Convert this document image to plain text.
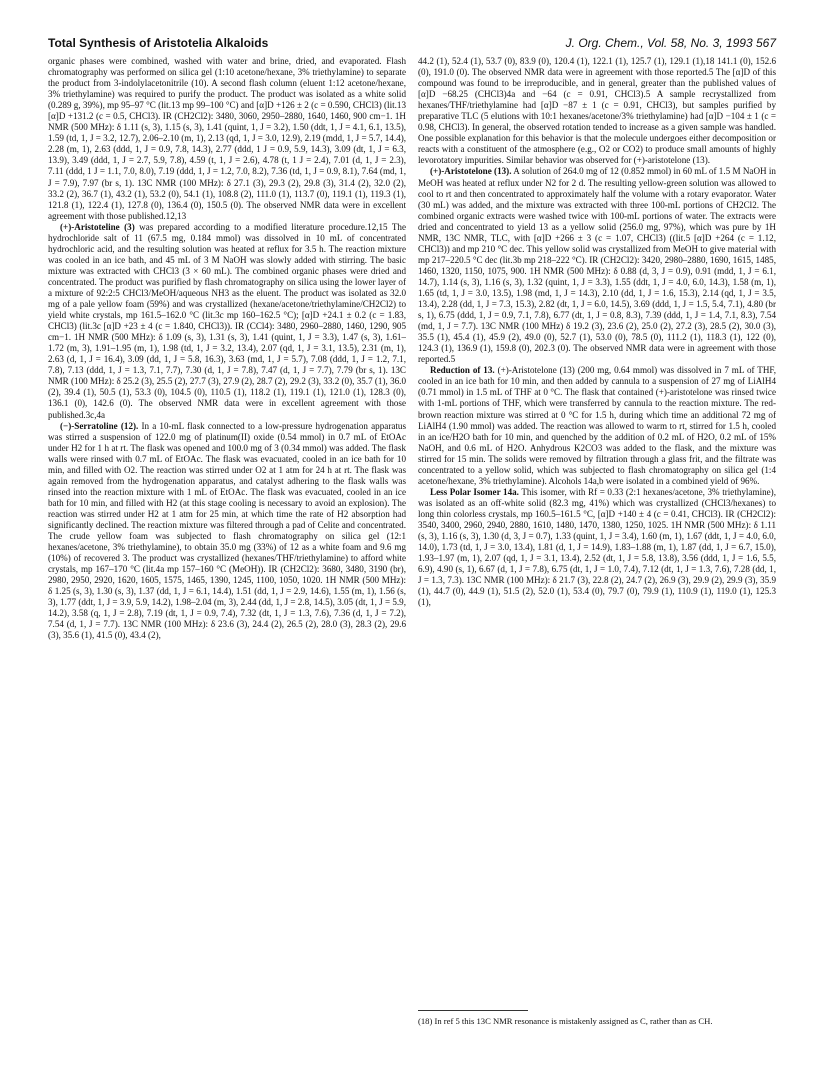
Total Synthesis of Aristotelia Alkaloids	J. Org. Chem., Vol. 58, No. 3, 1993 567

organic phases were combined, washed with water and brine, dried, and evaporated. Flash chromatography was performed on silica gel (1:10 acetone/hexane, 3% triethylamine) to separate the product from 3-indolylacetonitrile (10). A second flash column (eluent 1:12 acetone/hexane, 3% triethylamine) was required to purify the product. The product was isolated as a white solid (0.289 g, 39%), mp 95–97 °C (lit.13 mp 99–100 °C) and [α]D +126 ± 2 (c = 0.590, CHCl3) (lit.13 [α]D +131.2 (c = 0.5, CHCl3). IR (CH2Cl2): 3480, 3060, 2950–2880, 1640, 1460, 900 cm−1. 1H NMR (500 MHz): δ 1.11 (s, 3), 1.15 (s, 3), 1.41 (quint, 1, J = 3.2), 1.50 (ddt, 1, J = 4.1, 6.1, 13.5), 1.59 (td, 1, J = 3.2, 12.7), 2.06–2.10 (m, 1), 2.13 (qd, 1, J = 3.0, 12.9), 2.19 (mdd, 1, J = 5.7, 14.4), 2.28 (m, 1), 2.63 (ddd, 1, J = 0.9, 7.8, 14.3), 2.77 (ddd, 1 J = 0.9, 5.9, 14.3), 3.09 (dt, 1, J = 6.3, 13.9), 3.49 (ddd, 1, J = 2.7, 5.9, 7.8), 4.59 (t, 1, J = 2.6), 4.78 (t, 1 J = 2.4), 7.01 (d, 1, J = 2.3), 7.11 (ddd, 1 J = 1.1, 7.0, 8.0), 7.19 (ddd, 1, J = 1.2, 7.0, 8.2), 7.36 (td, 1, J = 0.9, 8.1), 7.64 (md, 1, J = 7.9), 7.97 (br s, 1). 13C NMR (100 MHz): δ 27.1 (3), 29.3 (2), 29.8 (3), 31.4 (2), 32.0 (2), 33.2 (2), 36.7 (1), 43.2 (1), 53.2 (0), 54.1 (1), 108.8 (2), 111.0 (1), 113.7 (0), 119.1 (1), 119.3 (1), 121.8 (1), 122.4 (1), 127.8 (0), 136.4 (0), 150.5 (0). The observed NMR data were in excellent agreement with those published.12,13

(+)-Aristoteline (3) was prepared according to a modified literature procedure.12,15 The hydrochloride salt of 11 (67.5 mg, 0.184 mmol) was dissolved in 10 mL of concentrated hydrochloric acid, and the resulting solution was heated at reflux for 3.5 h. The reaction mixture was cooled in an ice bath, and 45 mL of 3 M NaOH was slowly added with stirring. The basic mixture was extracted with CHCl3 (3 × 60 mL). The combined organic phases were dried and concentrated. The product was purified by flash chromatography on silica using the lower layer of a mixture of 92:2:5 CHCl3/MeOH/aqueous NH3 as the eluent. The product was isolated as 32.0 mg of a pale yellow foam (59%) and was crystallized (hexane/acetone/triethylamine/CH2Cl2) to yield white crystals, mp 161.5–162.0 °C (lit.3c mp 160–162.5 °C); [α]D +24.1 ± 0.2 (c = 1.83, CHCl3) (lit.3c [α]D +23 ± 4 (c = 1.840, CHCl3)). IR (CCl4): 3480, 2960–2880, 1460, 1290, 905 cm−1. 1H NMR (500 MHz): δ 1.09 (s, 3), 1.31 (s, 3), 1.41 (quint, 1, J = 3.3), 1.47 (s, 3), 1.61–1.72 (m, 3), 1.91–1.95 (m, 1), 1.98 (td, 1, J = 3.2, 13.4), 2.07 (qd, 1, J = 3.1, 13.5), 2.31 (m, 1), 2.63 (d, 1, J = 16.4), 3.09 (dd, 1, J = 5.8, 16.3), 3.63 (md, 1, J = 5.7), 7.08 (ddd, 1, J = 1.2, 7.1, 7.8), 7.13 (ddd, 1, J = 1.3, 7.1, 7.7), 7.30 (d, 1, J = 7.8), 7.47 (d, 1, J = 7.7), 7.79 (br s, 1). 13C NMR (100 MHz): δ 25.2 (3), 25.5 (2), 27.7 (3), 27.9 (2), 28.7 (2), 29.2 (3), 33.2 (0), 35.7 (1), 36.0 (2), 39.4 (1), 50.5 (1), 53.3 (0), 104.5 (0), 110.5 (1), 118.2 (1), 119.1 (1), 121.0 (1), 128.3 (0), 136.1 (0), 142.6 (0). The observed NMR data were in excellent agreement with those published.3c,4a

(−)-Serratoline (12). In a 10-mL flask connected to a low-pressure hydrogenation apparatus was stirred a suspension of 122.0 mg of platinum(II) oxide (0.54 mmol) in 0.7 mL of EtOAc under H2 for 1 h at rt. The flask was opened and 100.0 mg of 3 (0.34 mmol) was added. The flask walls were rinsed with 0.7 mL of EtOAc. The flask was evacuated, cooled in an ice bath for 10 min, and filled with O2. The reaction was stirred under O2 at 1 atm for 24 h at rt. The flask was again removed from the hydrogenation apparatus, and catalyst adhering to the flask walls was rinsed into the reaction mixture with 1 mL of EtOAc. The flask was evacuated, cooled in an ice bath for 10 min, and filled with H2 (at this stage cooling is necessary to avoid an explosion). The reaction was stirred under H2 at 1 atm for 25 min, at which time the rate of H2 absorption had significantly declined. The reaction mixture was filtered through a pad of Celite and concentrated. The crude yellow foam was subjected to flash chromatography on silica gel (12:1 hexanes/acetone, 3% triethylamine), to obtain 35.0 mg (33%) of 12 as a white foam and 9.6 mg (10%) of recovered 3. The product was crystallized (hexanes/THF/triethylamine) to afford white crystals, mp 167–170 °C (lit.4a mp 157–160 °C (MeOH)). IR (CH2Cl2): 3680, 3480, 3190 (br), 2980, 2950, 2920, 1620, 1605, 1575, 1465, 1390, 1245, 1100, 1050, 1020. 1H NMR (500 MHz): δ 1.25 (s, 3), 1.30 (s, 3), 1.37 (dd, 1, J = 6.1, 14.4), 1.51 (dd, 1, J = 2.9, 14.6), 1.55 (m, 1), 1.56 (s, 3), 1.77 (ddt, 1, J = 3.9, 5.9, 14.2), 1.98–2.04 (m, 3), 2.44 (dd, 1, J = 2.8, 14.5), 3.05 (dt, 1, J = 5.9, 14.2), 3.58 (q, 1, J = 2.8), 7.19 (dt, 1, J = 0.9, 7.4), 7.32 (dt, 1, J = 1.3, 7.6), 7.36 (d, 1, J = 7.2), 7.54 (d, 1, J = 7.7). 13C NMR (100 MHz): δ 23.6 (3), 24.4 (2), 26.5 (2), 28.0 (3), 28.3 (2), 29.6 (3), 35.6 (1), 41.5 (0), 43.4 (2),

44.2 (1), 52.4 (1), 53.7 (0), 83.9 (0), 120.4 (1), 122.1 (1), 125.7 (1), 129.1 (1),18 141.1 (0), 152.6 (0), 191.0 (0). The observed NMR data were in agreement with those reported.5 The [α]D of this compound was found to be irreproducible, and in general, greater than the published values of [α]D −68.25 (CHCl3)4a and −64 (c = 0.91, CHCl3).5 A sample recrystallized from hexanes/THF/triethylamine had [α]D −87 ± 1 (c = 0.91, CHCl3), but samples purified by preparative TLC (5 elutions with 10:1 hexanes/acetone/3% triethylamine) had [α]D −104 ± 1 (c = 0.98, CHCl3). In general, the observed rotation tended to increase as a given sample was handled. One possible explanation for this behavior is that the molecule undergoes either decomposition or reacts with a constituent of the atmosphere (e.g., O2 or CO2) to produce small amounts of highly levorotatory impurities. Similar behavior was observed for (+)-aristotelone (13).

(+)-Aristotelone (13). A solution of 264.0 mg of 12 (0.852 mmol) in 60 mL of 1.5 M NaOH in MeOH was heated at reflux under N2 for 2 d. The resulting yellow-green solution was allowed to cool to rt and then concentrated to approximately half the volume with a rotary evaporator. Water (30 mL) was added, and the mixture was extracted with three 100-mL portions of CH2Cl2. The combined organic extracts were washed twice with 100-mL portions of water. The extracts were dried and concentrated to yield 13 as a yellow solid (256.0 mg, 97%), which was pure by 1H NMR, 13C NMR, TLC, with [α]D +266 ± 3 (c = 1.07, CHCl3) ((lit.5 [α]D +264 (c = 1.12, CHCl3)) and mp 210 °C dec. This yellow solid was crystallized from MeOH to give material with mp 217–220.5 °C dec (lit.3b mp 218–222 °C). IR (CH2Cl2): 3420, 2980–2880, 1690, 1615, 1485, 1460, 1320, 1150, 1075, 900. 1H NMR (500 MHz): δ 0.88 (d, 3, J = 0.9), 0.91 (mdd, 1, J = 6.1, 14.7), 1.14 (s, 3), 1.16 (s, 3), 1.32 (quint, 1, J = 3.3), 1.55 (ddt, 1, J = 4.0, 6.0, 14.3), 1.58 (m, 1), 1.65 (td, 1, J = 3.0, 13.5), 1.98 (md, 1, J = 14.3), 2.10 (dd, 1, J = 1.6, 15.3), 2.14 (qd, 1, J = 3.5, 13.4), 2.28 (dd, 1, J = 7.3, 15.3), 2.82 (dt, 1, J = 6.0, 14.5), 3.69 (ddd, 1, J = 1.5, 5.4, 7.1), 4.80 (br s, 1), 6.75 (ddd, 1, J = 0.9, 7.1, 7.8), 6.77 (dt, 1, J = 0.8, 8.3), 7.39 (ddd, 1, J = 1.4, 7.1, 8.3), 7.54 (md, 1, J = 7.7). 13C NMR (100 MHz) δ 19.2 (3), 23.6 (2), 25.0 (2), 27.2 (3), 28.5 (2), 30.0 (3), 35.5 (1), 45.4 (1), 45.9 (2), 49.0 (0), 52.7 (1), 53.0 (0), 78.5 (0), 111.2 (1), 118.3 (1), 122 (0), 124.3 (1), 136.9 (1), 159.8 (0), 202.3 (0). The observed NMR data were in agreement with those reported.5

Reduction of 13. (+)-Aristotelone (13) (200 mg, 0.64 mmol) was dissolved in 7 mL of THF, cooled in an ice bath for 10 min, and then added by cannula to a suspension of 27 mg of LiAlH4 (0.71 mmol) in 1.5 mL of THF at 0 °C. The flask that contained (+)-aristotelone was rinsed twice with 1-mL portions of THF, which were transferred by cannula to the reaction mixture. The red-brown reaction mixture was stirred at 0 °C for 1.5 h, during which time an additional 72 mg of LiAlH4 (1.90 mmol) was added. The reaction was allowed to warm to rt, stirred for 1.5 h, cooled in an ice/H2O bath for 10 min, and quenched by the addition of 0.2 mL of H2O, 0.2 mL of 15% NaOH, and 0.6 mL of H2O. Anhydrous K2CO3 was added to the flask, and the mixture was stirred for 15 min. The solids were removed by filtration through a glass frit, and the filtrate was concentrated to a yellow solid, which was subjected to flash chromatography on silica gel (1:4 acetone/hexane, 3% triethylamine). Alcohols 14a,b were isolated in a combined yield of 96%.

Less Polar Isomer 14a. This isomer, with Rf = 0.33 (2:1 hexanes/acetone, 3% triethylamine), was isolated as an off-white solid (82.3 mg, 41%) which was crystallized (CHCl3/hexanes) to long thin colorless crystals, mp 160.5–161.5 °C, [α]D +140 ± 4 (c = 0.41, CHCl3). IR (CH2Cl2): 3540, 3400, 2960, 2940, 2880, 1610, 1480, 1470, 1380, 1250, 1025. 1H NMR (500 MHz): δ 1.11 (s, 3), 1.16 (s, 3), 1.30 (d, 3, J = 0.7), 1.33 (quint, 1, J = 3.4), 1.60 (m, 1), 1.67 (ddt, 1, J = 4.0, 6.0, 14.0), 1.73 (td, 1, J = 3.0, 13.4), 1.81 (d, 1, J = 14.9), 1.83–1.88 (m, 1), 1.87 (dd, 1, J = 6.7, 15.0), 1.93–1.97 (m, 1), 2.07 (qd, 1, J = 3.1, 13.4), 2.52 (dt, 1, J = 5.8, 13.8), 3.56 (ddd, 1, J = 1.6, 5.5, 6.9), 4.90 (s, 1), 6.67 (d, 1, J = 7.8), 6.75 (dt, 1, J = 1.0, 7.4), 7.12 (dt, 1, J = 1.3, 7.6), 7.28 (dd, 1, J = 1.3, 7.3). 13C NMR (100 MHz): δ 21.7 (3), 22.8 (2), 24.7 (2), 26.9 (3), 29.9 (2), 29.9 (3), 35.9 (1), 44.7 (0), 44.9 (1), 51.5 (2), 52.0 (1), 53.4 (0), 79.7 (0), 79.9 (1), 110.9 (1), 119.0 (1), 125.3 (1),

(18) In ref 5 this 13C NMR resonance is mistakenly assigned as C, rather than as CH.
